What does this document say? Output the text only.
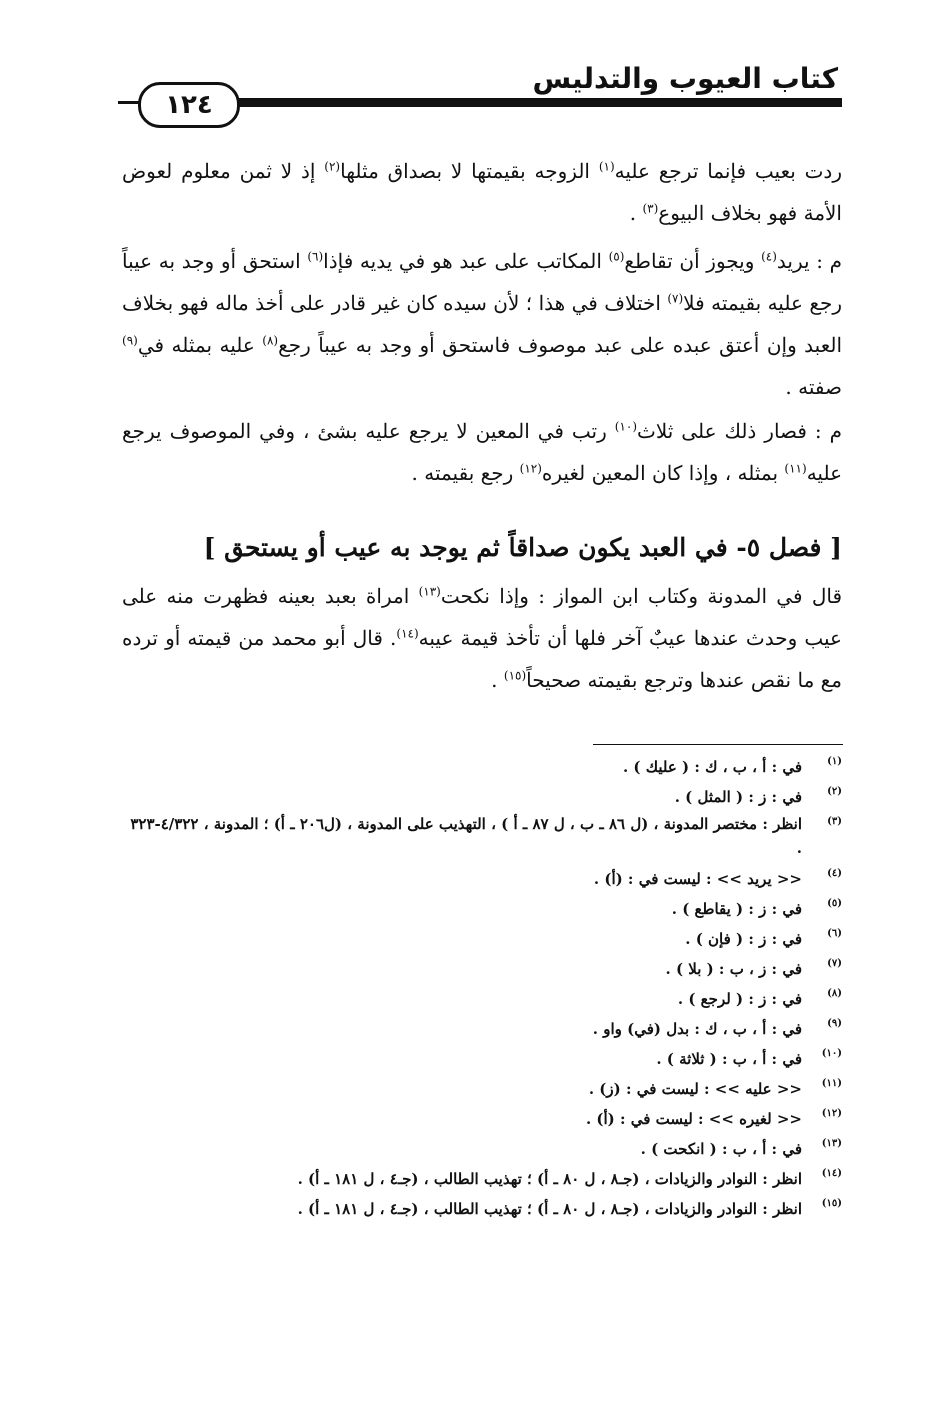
كتاب العيوب والتدليس
١٢٤

ردت بعيب فإنما ترجع عليه$^{(١)}$ الزوجه بقيمتها لا بصداق مثلها$^{(٢)}$ إذ لا ثمن معلوم لعوض الأمة فهو بخلاف البيوع$^{(٣)}$ .

م : يريد$^{(٤)}$ ويجوز أن تقاطع$^{(٥)}$ المكاتب على عبد هو في يديه فإذا$^{(٦)}$ استحق أو وجد به عيباً رجع عليه بقيمته فلا$^{(٧)}$ اختلاف في هذا ؛ لأن سيده كان غير قادر على أخذ ماله فهو بخلاف العبد وإن أعتق عبده على عبد موصوف فاستحق أو وجد به عيباً رجع$^{(٨)}$ عليه بمثله في$^{(٩)}$ صفته .

م : فصار ذلك على ثلاث$^{(١٠)}$ رتب في المعين لا يرجع عليه بشئ ، وفي الموصوف يرجع عليه$^{(١١)}$ بمثله ، وإذا كان المعين لغيره$^{(١٢)}$ رجع بقيمته .

[ فصل ٥- في العبد يكون صداقاً ثم يوجد به عيب أو يستحق ]

قال في المدونة وكتاب ابن المواز : وإذا نكحت$^{(١٣)}$ امراة بعبد بعينه فظهرت منه على عيب وحدث عندها عيبٌ آخر فلها أن تأخذ قيمة عيبه$^{(١٤)}$. قال أبو محمد من قيمته أو ترده مع ما نقص عندها وترجع بقيمته صحيحاً$^{(١٥)}$ .

(١)
في : أ ، ب ، ك : ( عليك ) .
(٢)
في : ز : ( المثل ) .
(٣)
انظر : مختصر المدونة ، (ل ٨٦ ـ ب ، ل ٨٧ ـ أ ) ، التهذيب على المدونة ، (ل٢٠٦ ـ أ) ؛ المدونة ، ٤/٣٢٢-٣٢٣ .
(٤)
<< يريد >> : ليست في : (أ) .
(٥)
في : ز : ( يقاطع ) .
(٦)
في : ز : ( فإن ) .
(٧)
في : ز ، ب : ( بلا ) .
(٨)
في : ز : ( لرجع ) .
(٩)
في : أ ، ب ، ك : بدل (في) واو .
(١٠)
في : أ ، ب : ( ثلاثة ) .
(١١)
<< عليه >> : ليست في : (ز) .
(١٢)
<< لغيره >> : ليست في : (أ) .
(١٣)
في : أ ، ب : ( انكحت ) .
(١٤)
انظر : النوادر والزيادات ، (جـ٨ ، ل ٨٠ ـ أ) ؛ تهذيب الطالب ، (جـ٤ ، ل ١٨١ ـ أ) .
(١٥)
انظر : النوادر والزيادات ، (جـ٨ ، ل ٨٠ ـ أ) ؛ تهذيب الطالب ، (جـ٤ ، ل ١٨١ ـ أ) .
